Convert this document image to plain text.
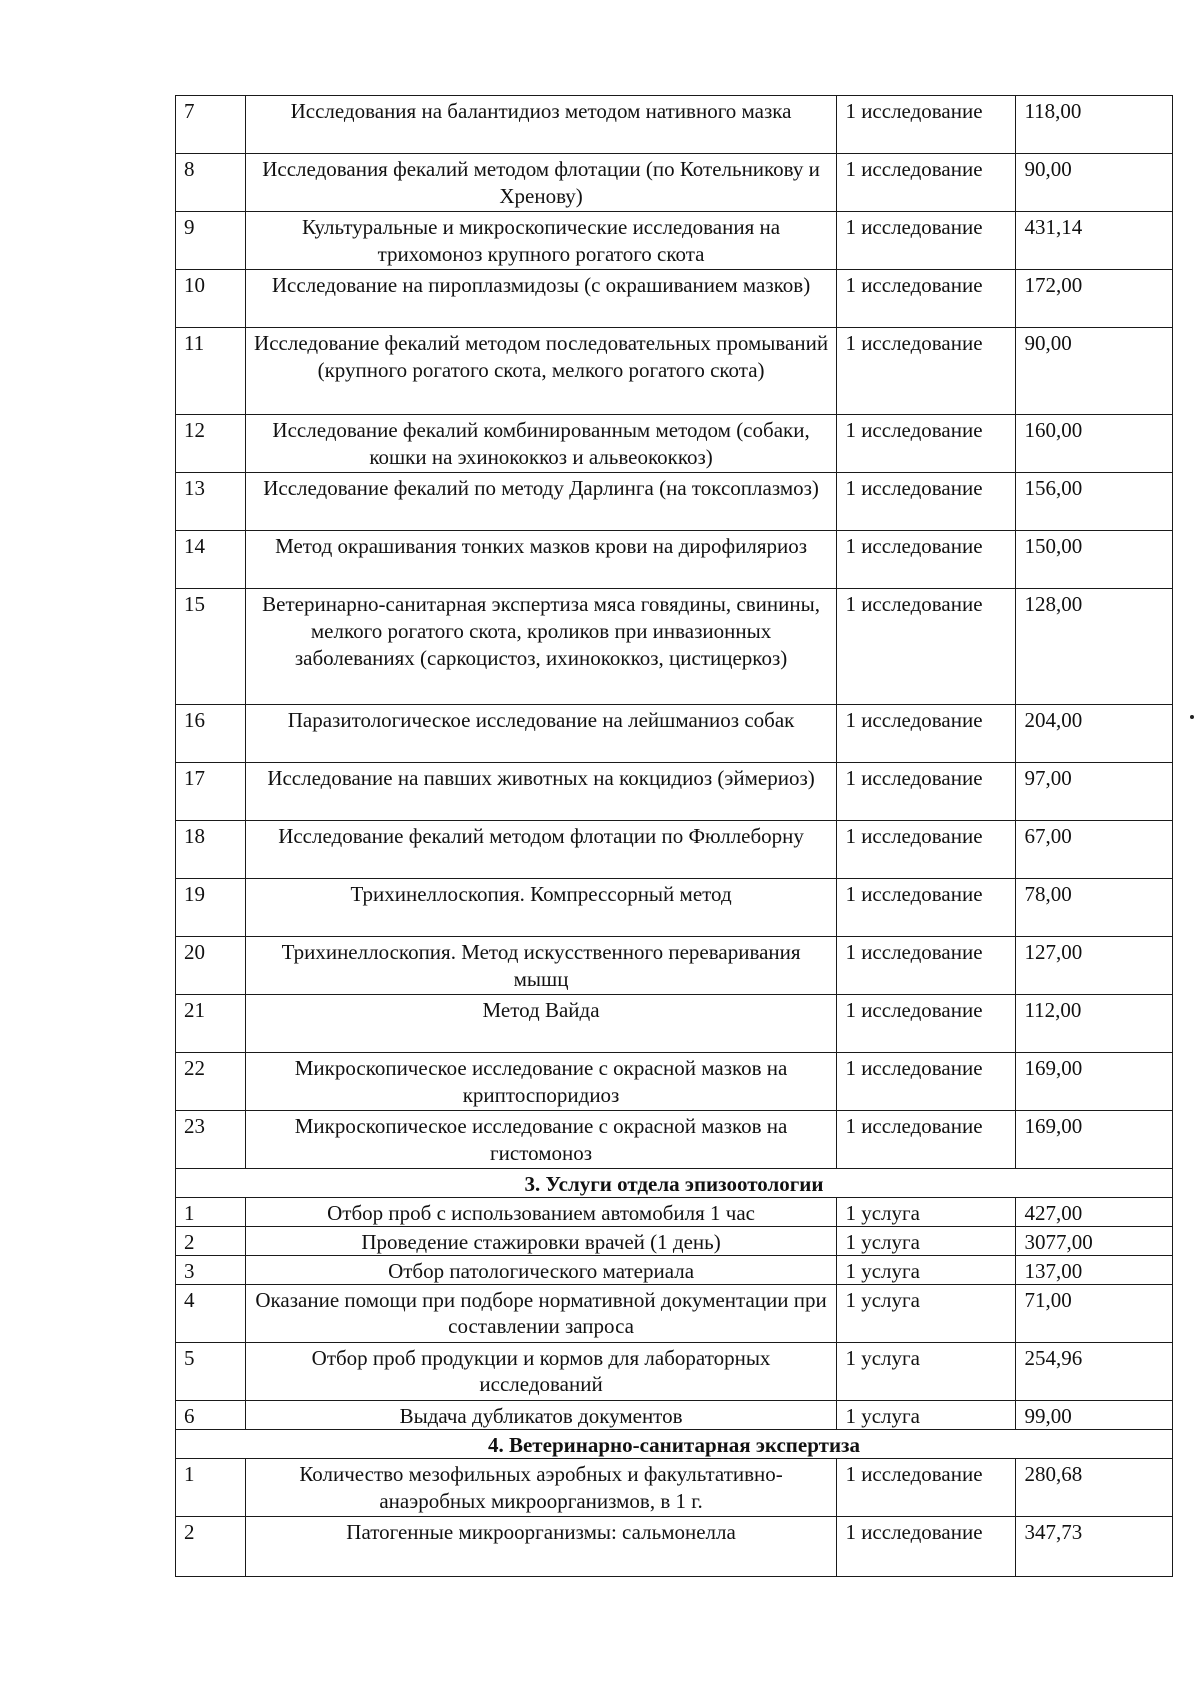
7	Исследования на балантидиоз методом нативного мазка	1 исследование	118,00
8	Исследования фекалий методом флотации (по Котельникову и Хренову)	1 исследование	90,00
9	Культуральные и микроскопические исследования на трихомоноз крупного рогатого скота	1 исследование	431,14
10	Исследование на пироплазмидозы (с окрашиванием мазков)	1 исследование	172,00
11	Исследование фекалий методом последовательных промываний (крупного рогатого скота, мелкого рогатого скота)	1 исследование	90,00
12	Исследование фекалий комбинированным методом (собаки, кошки на эхинококкоз и альвеококкоз)	1 исследование	160,00
13	Исследование фекалий по методу Дарлинга (на токсоплазмоз)	1 исследование	156,00
14	Метод окрашивания тонких мазков крови на дирофиляриоз	1 исследование	150,00
15	Ветеринарно-санитарная экспертиза мяса говядины, свинины, мелкого рогатого скота, кроликов при инвазионных заболеваниях (саркоцистоз, ихинококкоз, цистицеркоз)	1 исследование	128,00
16	Паразитологическое исследование на лейшманиоз собак	1 исследование	204,00
17	Исследование на павших животных на кокцидиоз (эймериоз)	1 исследование	97,00
18	Исследование фекалий методом флотации по Фюллеборну	1 исследование	67,00
19	Трихинеллоскопия. Компрессорный метод	1 исследование	78,00
20	Трихинеллоскопия. Метод искусственного переваривания мышц	1 исследование	127,00
21	Метод Вайда	1 исследование	112,00
22	Микроскопическое исследование с окрасной мазков на криптоспоридиоз	1 исследование	169,00
23	Микроскопическое исследование с окрасной мазков на гистомоноз	1 исследование	169,00
3. Услуги отдела эпизоотологии			
1	Отбор проб с использованием автомобиля 1 час	1 услуга	427,00
2	Проведение стажировки врачей (1 день)	1 услуга	3077,00
3	Отбор патологического материала	1 услуга	137,00
4	Оказание помощи при подборе нормативной документации при составлении запроса	1 услуга	71,00
5	Отбор проб продукции и кормов для лабораторных исследований	1 услуга	254,96
6	Выдача дубликатов документов	1 услуга	99,00
4. Ветеринарно-санитарная экспертиза			
1	Количество мезофильных аэробных и факультативно-анаэробных микроорганизмов, в 1 г.	1 исследование	280,68
2	Патогенные микроорганизмы: сальмонелла	1 исследование	347,73
